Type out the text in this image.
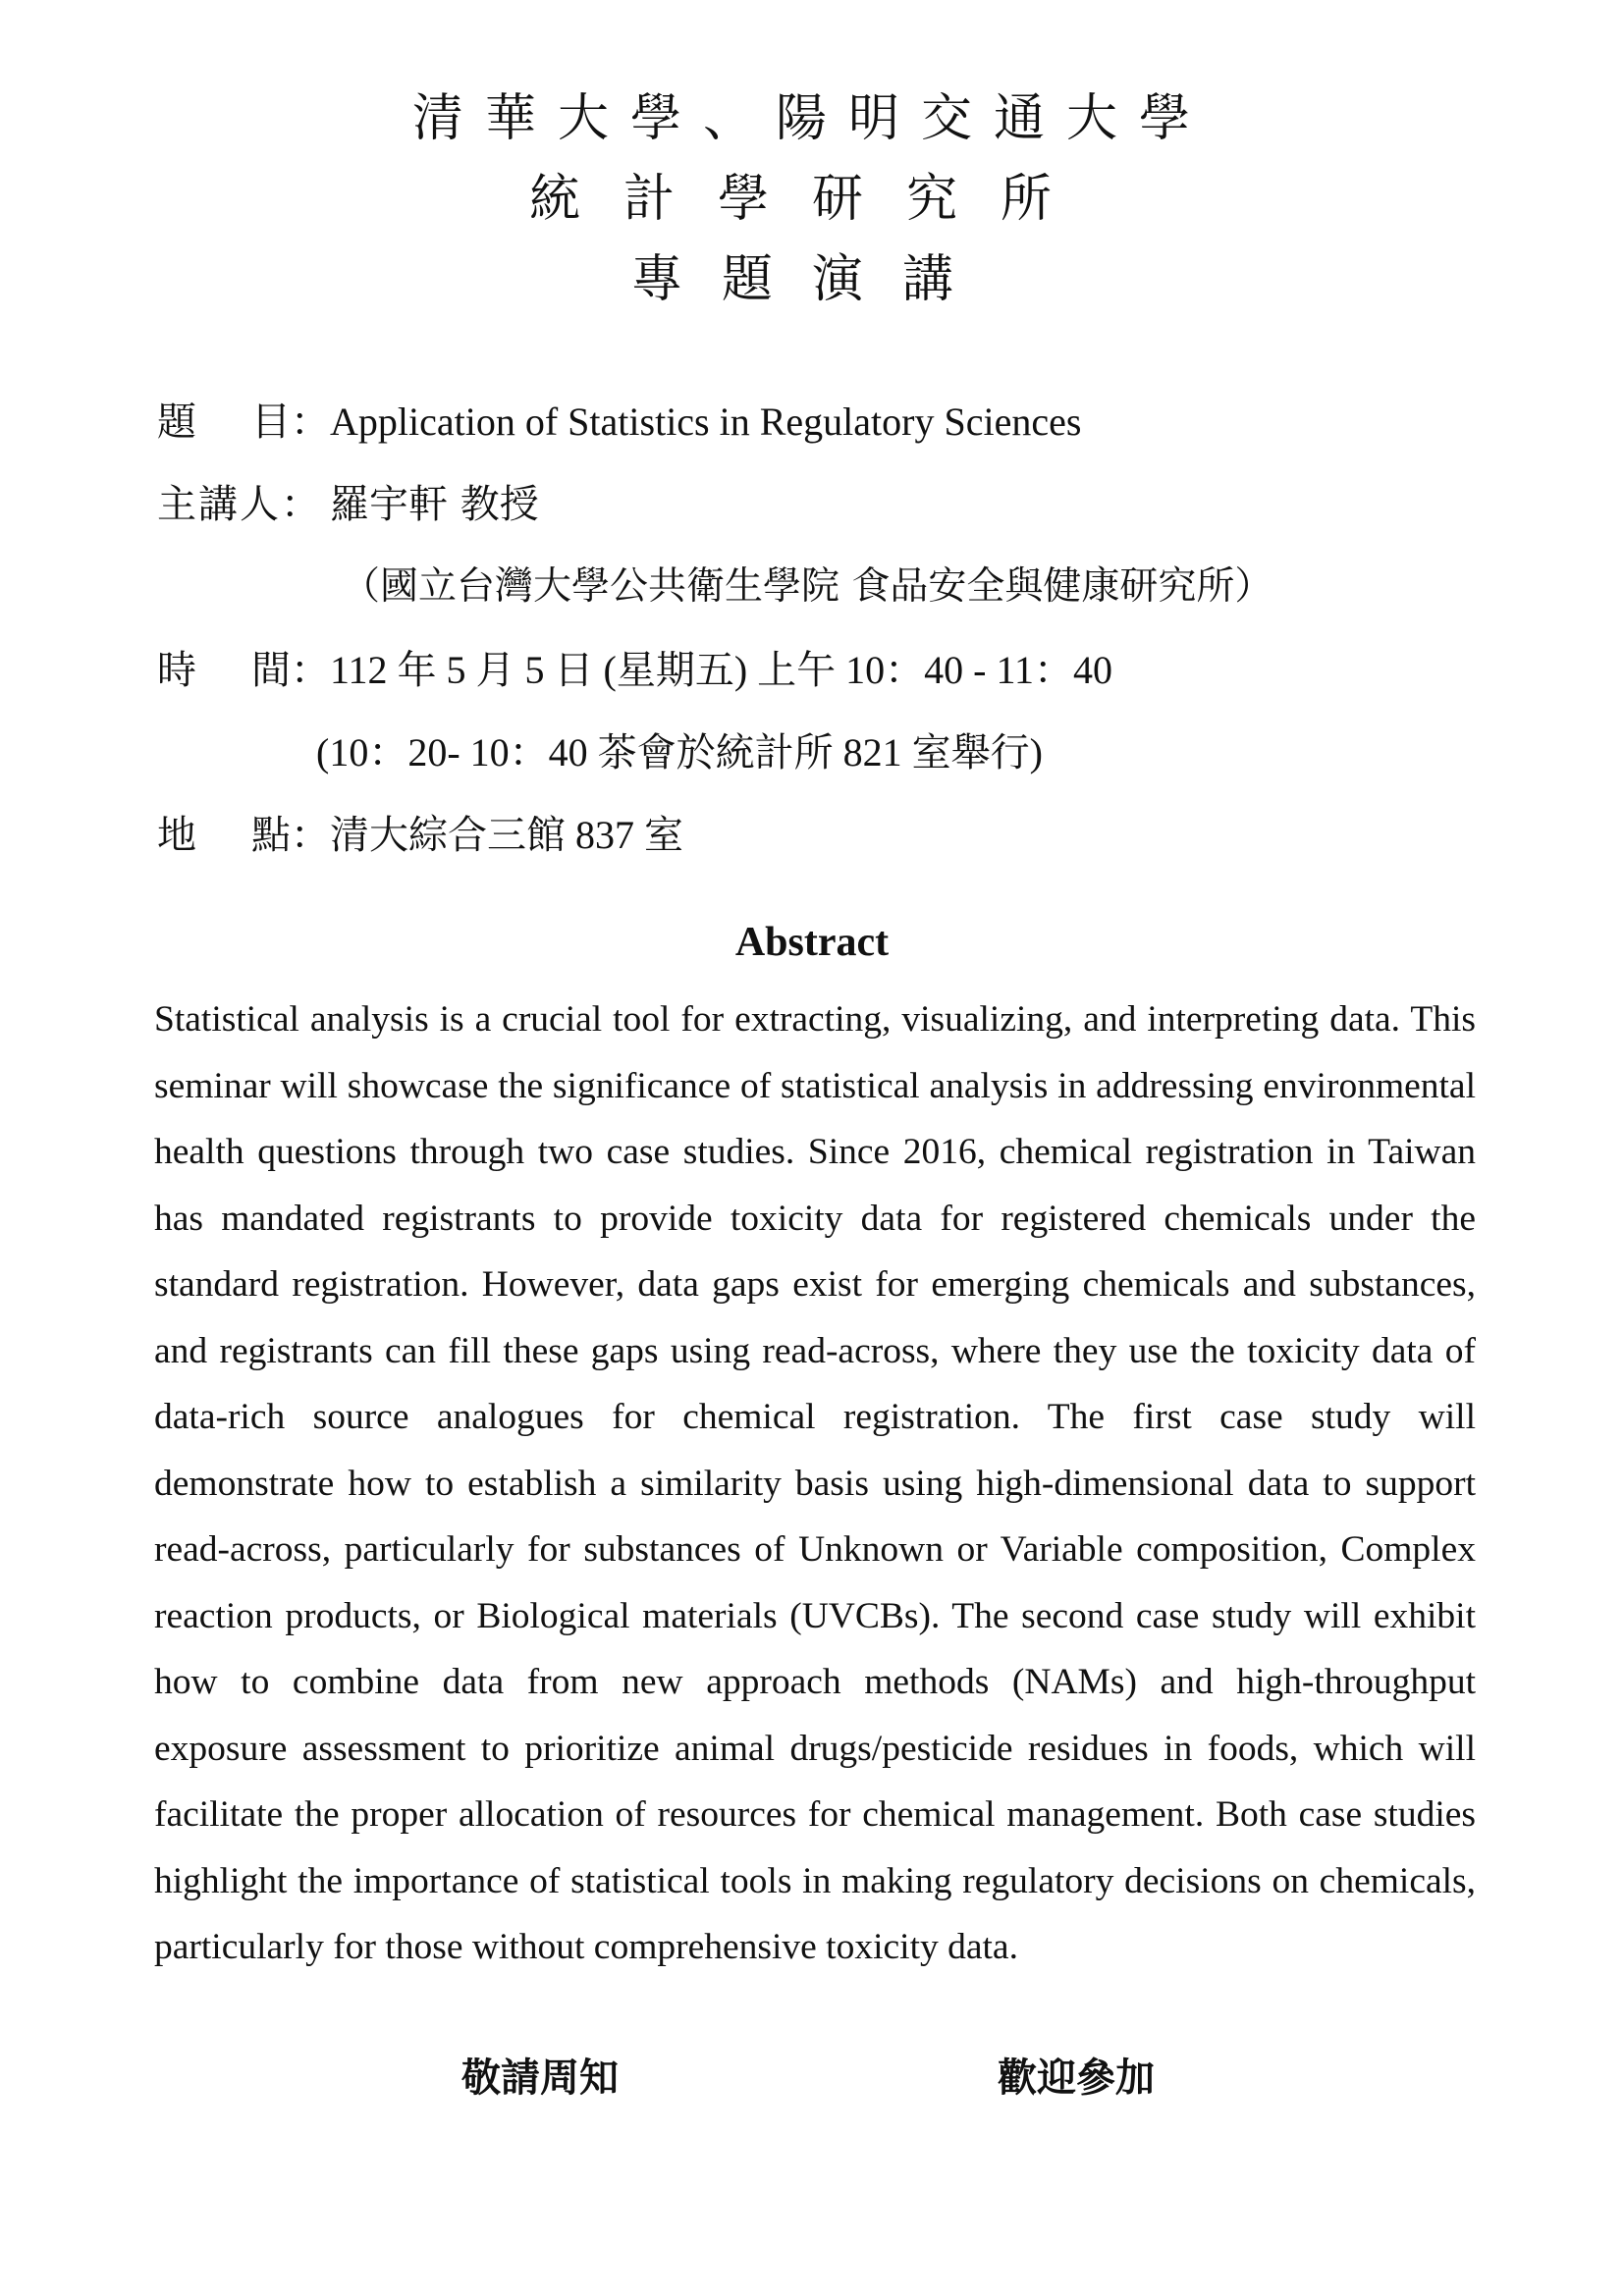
清華大學、陽明交通大學
統計學研究所
專題演講
題 目：Application of Statistics in Regulatory Sciences
主講人： 羅宇軒 教授
（國立台灣大學公共衛生學院 食品安全與健康研究所）
時 間：112 年 5 月 5 日 (星期五) 上午 10：40 - 11：40
(10：20- 10：40 茶會於統計所 821 室舉行)
地 點：清大綜合三館 837 室
Abstract

Statistical analysis is a crucial tool for extracting, visualizing, and interpreting data. This seminar will showcase the significance of statistical analysis in addressing environmental health questions through two case studies. Since 2016, chemical registration in Taiwan has mandated registrants to provide toxicity data for registered chemicals under the standard registration. However, data gaps exist for emerging chemicals and substances, and registrants can fill these gaps using read-across, where they use the toxicity data of data-rich source analogues for chemical registration. The first case study will demonstrate how to establish a similarity basis using high-dimensional data to support read-across, particularly for substances of Unknown or Variable composition, Complex reaction products, or Biological materials (UVCBs). The second case study will exhibit how to combine data from new approach methods (NAMs) and high-throughput exposure assessment to prioritize animal drugs/pesticide residues in foods, which will facilitate the proper allocation of resources for chemical management. Both case studies highlight the importance of statistical tools in making regulatory decisions on chemicals, particularly for those without comprehensive toxicity data.

敬請周知	歡迎參加
